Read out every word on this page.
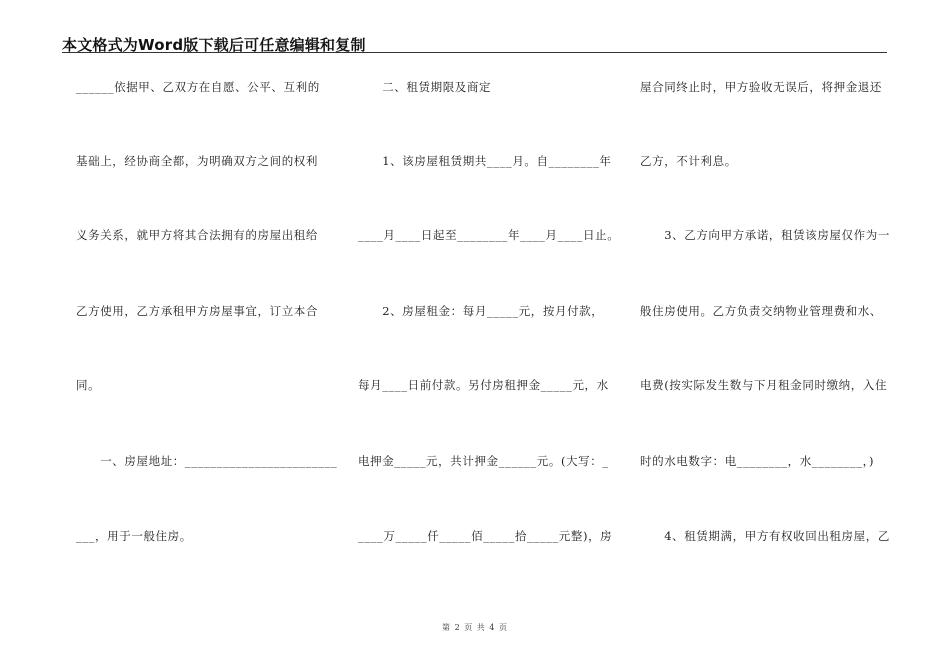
本文格式为Word版下载后可任意编辑和复制
______依据甲、乙双方在自愿、公平、互利的
基础上，经协商全都，为明确双方之间的权利
义务关系，就甲方将其合法拥有的房屋出租给
乙方使用，乙方承租甲方房屋事宜，订立本合
同。
　　一、房屋地址：________________________
___，用于一般住房。
　　二、租赁期限及商定
　　1、该房屋租赁期共____月。自________年
____月____日起至________年____月____日止。
　　2、房屋租金：每月_____元，按月付款，
每月____日前付款。另付房租押金_____元，水
电押金_____元，共计押金______元。(大写：_
____万_____仟_____佰_____拾_____元整)，房
屋合同终止时，甲方验收无误后，将押金退还
乙方，不计利息。
　　3、乙方向甲方承诺，租赁该房屋仅作为一
般住房使用。乙方负责交纳物业管理费和水、
电费(按实际发生数与下月租金同时缴纳，入住
时的水电数字：电________，水________，)
　　4、租赁期满，甲方有权收回出租房屋，乙
第 2 页 共 4 页
